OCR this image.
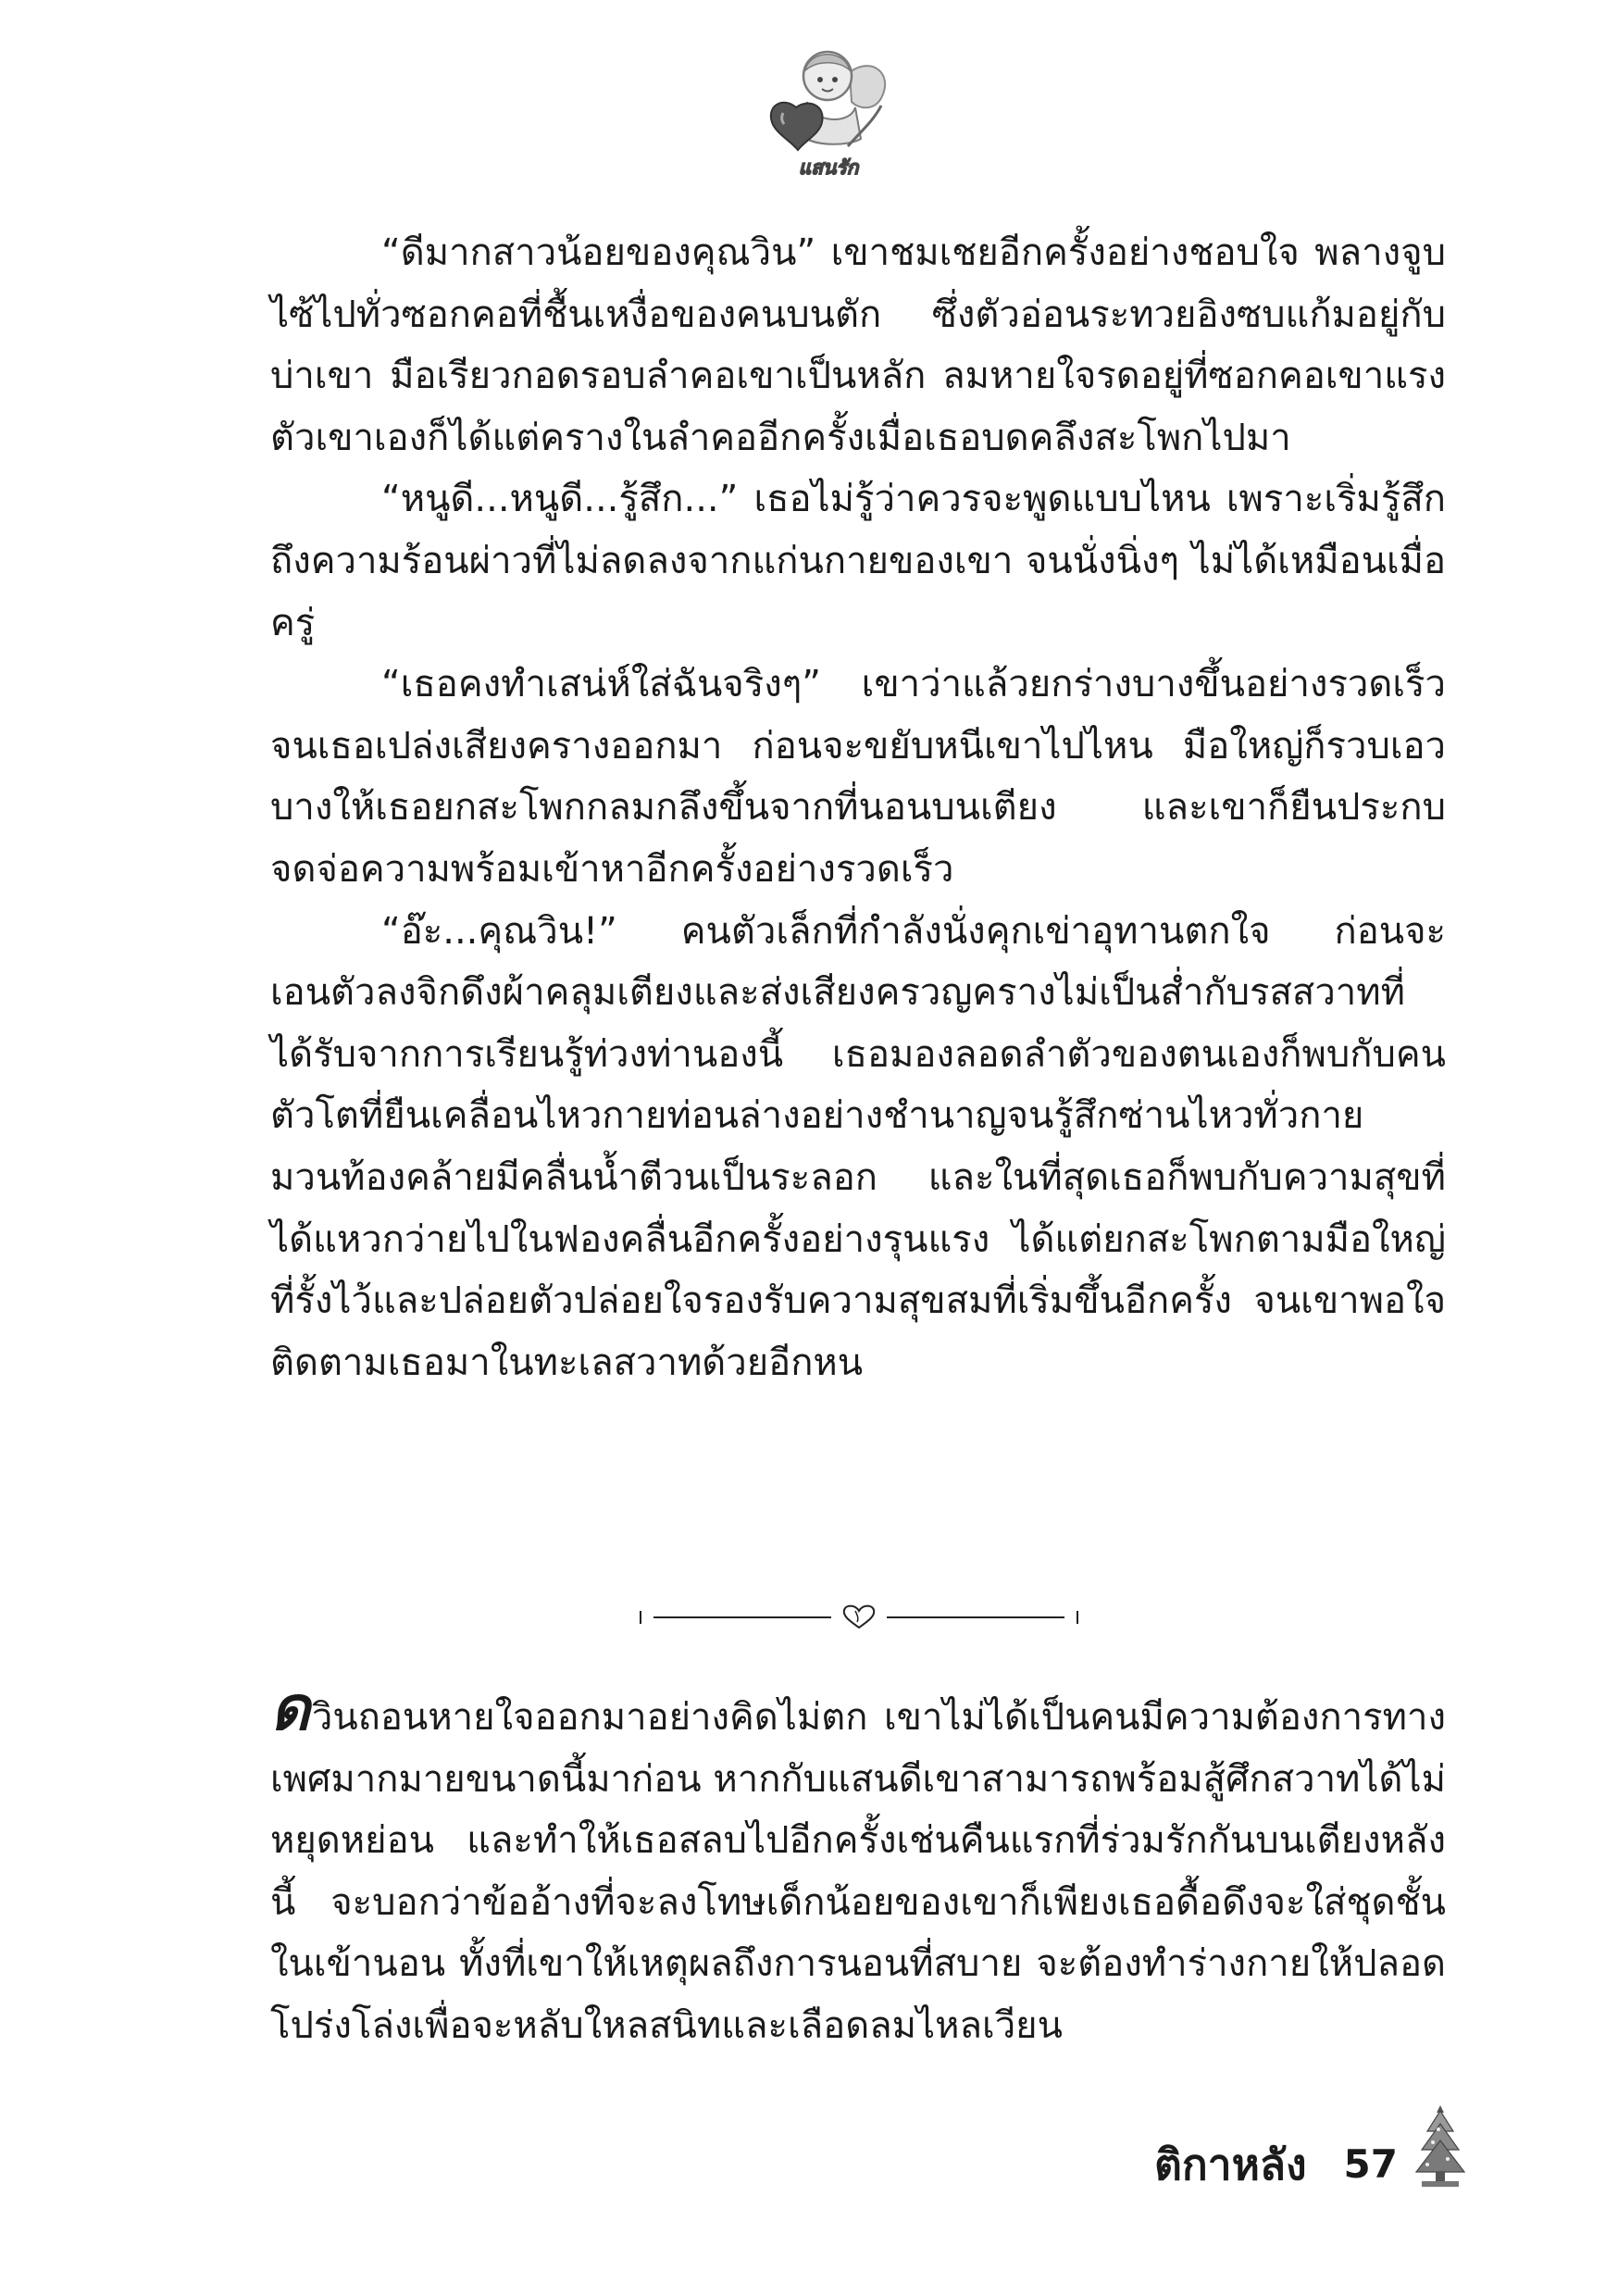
แสนรัก

“ดีมากสาวน้อยของคุณวิน” เขาชมเชยอีกครั้งอย่างชอบใจ พลางจูบไซ้ไปทั่วซอกคอที่ชื้นเหงื่อของคนบนตัก ซึ่งตัวอ่อนระทวยอิงซบแก้มอยู่กับบ่าเขา มือเรียวกอดรอบลำคอเขาเป็นหลัก ลมหายใจรดอยู่ที่ซอกคอเขาแรง ตัวเขาเองก็ได้แต่ครางในลำคออีกครั้งเมื่อเธอบดคลึงสะโพกไปมา

“หนูดี...หนูดี...รู้สึก...” เธอไม่รู้ว่าควรจะพูดแบบไหน เพราะเริ่มรู้สึกถึงความร้อนผ่าวที่ไม่ลดลงจากแก่นกายของเขา จนนั่งนิ่งๆ ไม่ได้เหมือนเมื่อครู่

“เธอคงทำเสน่ห์ใส่ฉันจริงๆ” เขาว่าแล้วยกร่างบางขึ้นอย่างรวดเร็วจนเธอเปล่งเสียงครางออกมา ก่อนจะขยับหนีเขาไปไหน มือใหญ่ก็รวบเอวบางให้เธอยกสะโพกกลมกลึงขึ้นจากที่นอนบนเตียง และเขาก็ยืนประกบจดจ่อความพร้อมเข้าหาอีกครั้งอย่างรวดเร็ว

“อ๊ะ...คุณวิน!” คนตัวเล็กที่กำลังนั่งคุกเข่าอุทานตกใจ ก่อนจะเอนตัวลงจิกดึงผ้าคลุมเตียงและส่งเสียงครวญครางไม่เป็นส่ำกับรสสวาทที่ได้รับจากการเรียนรู้ท่วงท่านองนี้ เธอมองลอดลำตัวของตนเองก็พบกับคนตัวโตที่ยืนเคลื่อนไหวกายท่อนล่างอย่างชำนาญจนรู้สึกซ่านไหวทั่วกาย มวนท้องคล้ายมีคลื่นน้ำตีวนเป็นระลอก และในที่สุดเธอก็พบกับความสุขที่ได้แหวกว่ายไปในฟองคลื่นอีกครั้งอย่างรุนแรง ได้แต่ยกสะโพกตามมือใหญ่ที่รั้งไว้และปล่อยตัวปล่อยใจรองรับความสุขสมที่เริ่มขึ้นอีกครั้ง จนเขาพอใจติดตามเธอมาในทะเลสวาทด้วยอีกหน

ดวินถอนหายใจออกมาอย่างคิดไม่ตก เขาไม่ได้เป็นคนมีความต้องการทางเพศมากมายขนาดนี้มาก่อน หากกับแสนดีเขาสามารถพร้อมสู้ศึกสวาทได้ไม่หยุดหย่อน และทำให้เธอสลบไปอีกครั้งเช่นคืนแรกที่ร่วมรักกันบนเตียงหลังนี้ จะบอกว่าข้ออ้างที่จะลงโทษเด็กน้อยของเขาก็เพียงเธอดื้อดึงจะใส่ชุดชั้นในเข้านอน ทั้งที่เขาให้เหตุผลถึงการนอนที่สบาย จะต้องทำร่างกายให้ปลอดโปร่งโล่งเพื่อจะหลับใหลสนิทและเลือดลมไหลเวียน

ติกาหลัง 57
